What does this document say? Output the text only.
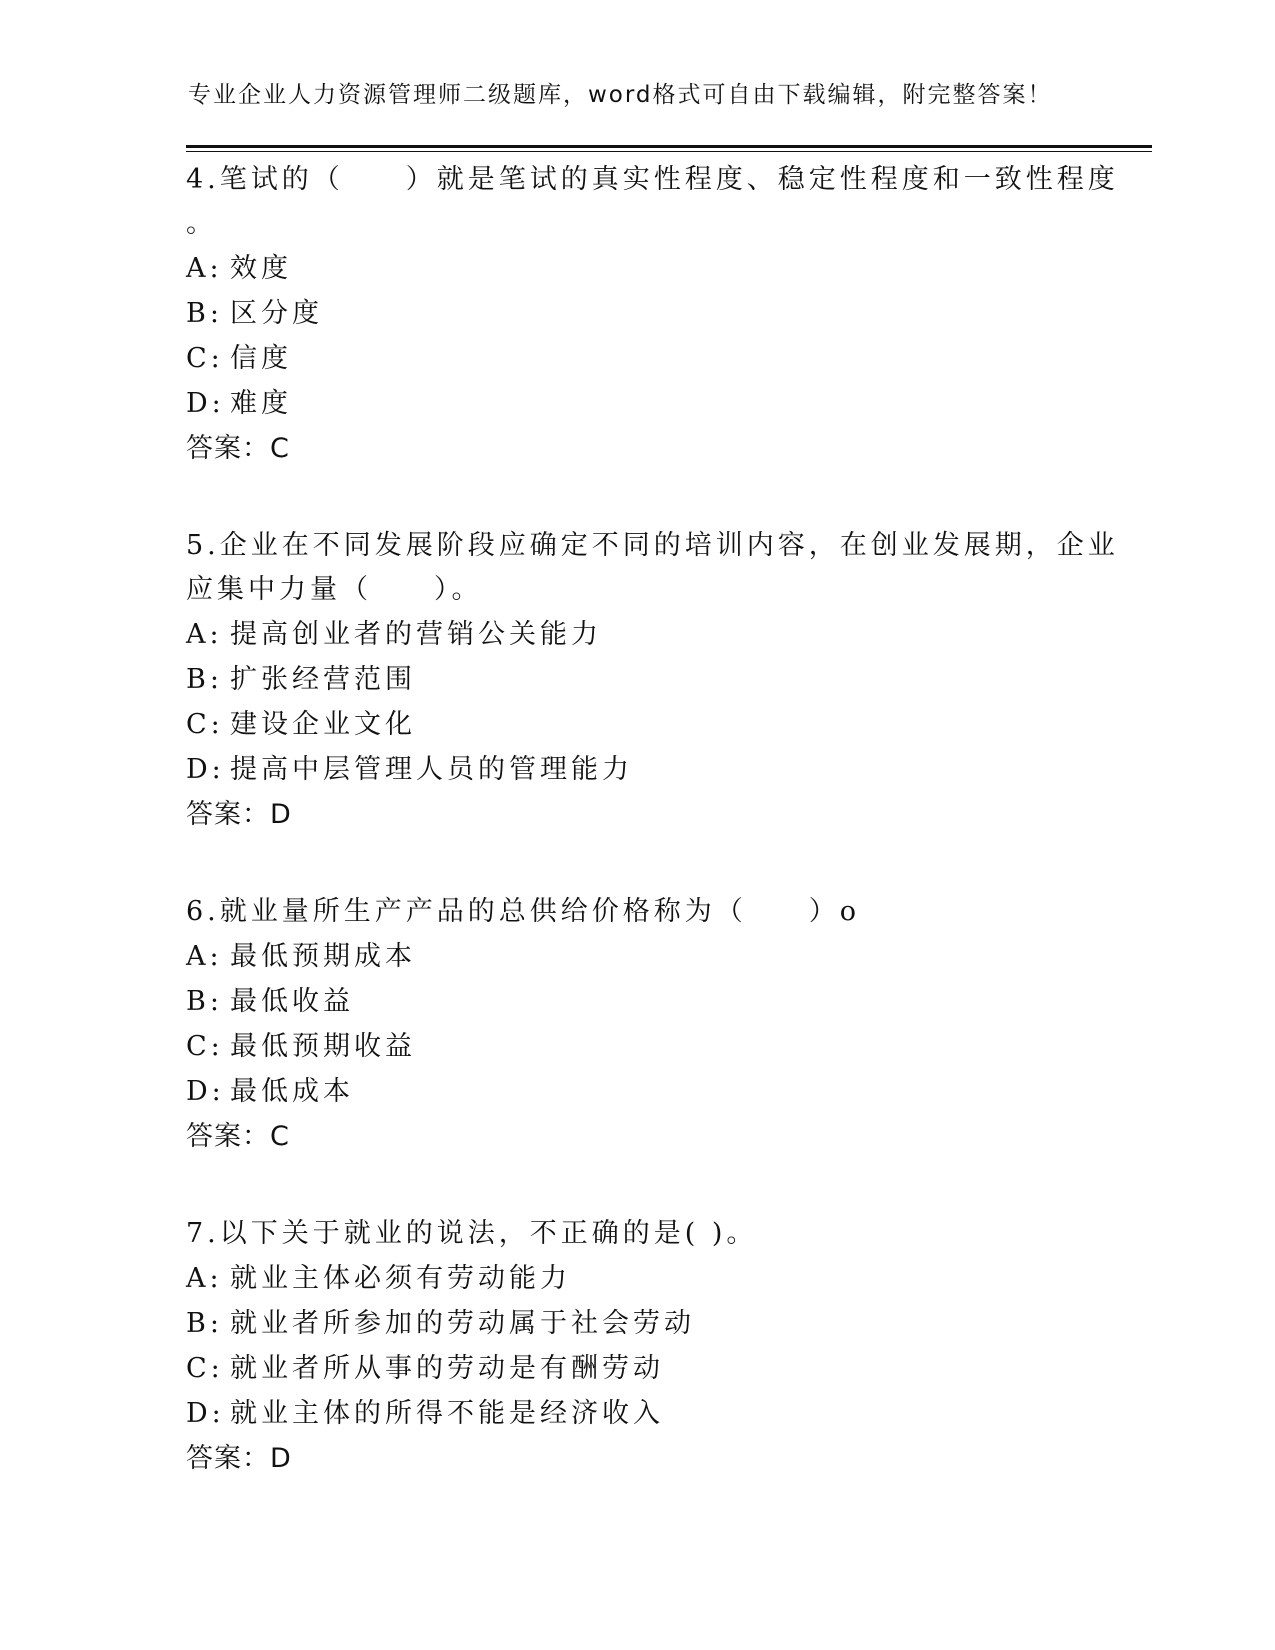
专业企业人力资源管理师二级题库，word格式可自由下载编辑，附完整答案！

4.笔试的（　　）就是笔试的真实性程度、稳定性程度和一致性程度
。

A: 效度
B: 区分度
C: 信度
D: 难度
答案：C

5.企业在不同发展阶段应确定不同的培训内容，在创业发展期，企业
应集中力量（　　）。

A: 提高创业者的营销公关能力
B: 扩张经营范围
C: 建设企业文化
D: 提高中层管理人员的管理能力
答案：D

6.就业量所生产产品的总供给价格称为（　　）o

A: 最低预期成本
B: 最低收益
C: 最低预期收益
D: 最低成本
答案：C

7.以下关于就业的说法，不正确的是( )。

A: 就业主体必须有劳动能力
B: 就业者所参加的劳动属于社会劳动
C: 就业者所从事的劳动是有酬劳动
D: 就业主体的所得不能是经济收入
答案：D
